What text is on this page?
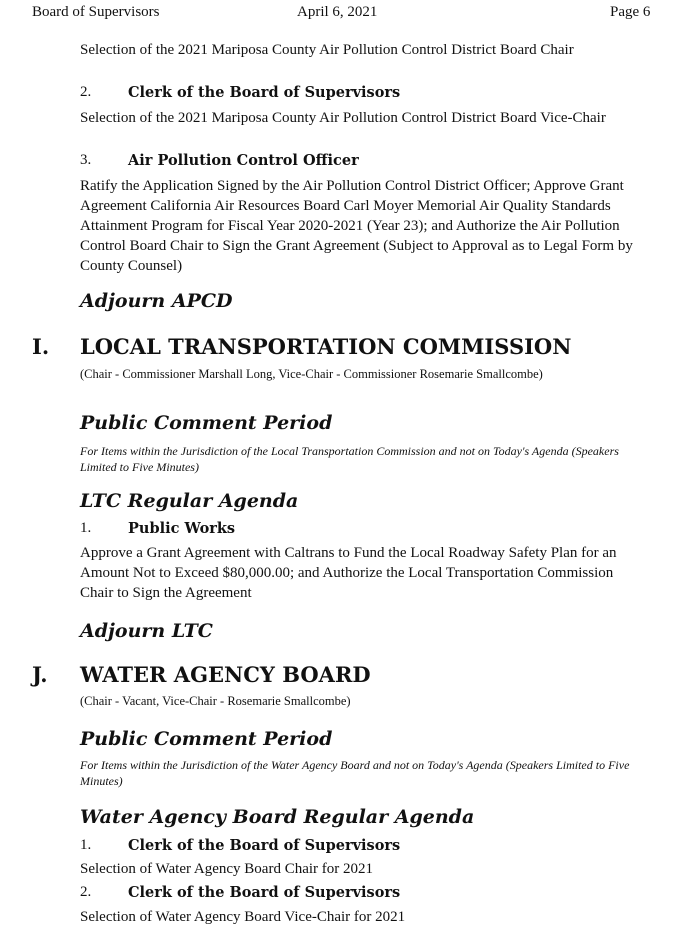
Board of Supervisors	April 6, 2021	Page 6
Selection of the 2021 Mariposa County Air Pollution Control District Board Chair
2.	Clerk of the Board of Supervisors
Selection of the 2021 Mariposa County Air Pollution Control District Board Vice-Chair
3.	Air Pollution Control Officer
Ratify the Application Signed by the Air Pollution Control District Officer; Approve Grant Agreement California Air Resources Board Carl Moyer Memorial Air Quality Standards Attainment Program for Fiscal Year 2020-2021 (Year 23); and Authorize the Air Pollution Control Board Chair to Sign the Grant Agreement (Subject to Approval as to Legal Form by County Counsel)
Adjourn APCD
I. LOCAL TRANSPORTATION COMMISSION
(Chair - Commissioner Marshall Long, Vice-Chair - Commissioner Rosemarie Smallcombe)
Public Comment Period
For Items within the Jurisdiction of the Local Transportation Commission and not on Today's Agenda (Speakers Limited to Five Minutes)
LTC Regular Agenda
1.	Public Works
Approve a Grant Agreement with Caltrans to Fund the Local Roadway Safety Plan for an Amount Not to Exceed $80,000.00; and Authorize the Local Transportation Commission Chair to Sign the Agreement
Adjourn LTC
J. WATER AGENCY BOARD
(Chair - Vacant, Vice-Chair - Rosemarie Smallcombe)
Public Comment Period
For Items within the Jurisdiction of the Water Agency Board and not on Today's Agenda (Speakers Limited to Five Minutes)
Water Agency Board Regular Agenda
1.	Clerk of the Board of Supervisors
Selection of Water Agency Board Chair for 2021
2.	Clerk of the Board of Supervisors
Selection of Water Agency Board Vice-Chair for 2021
